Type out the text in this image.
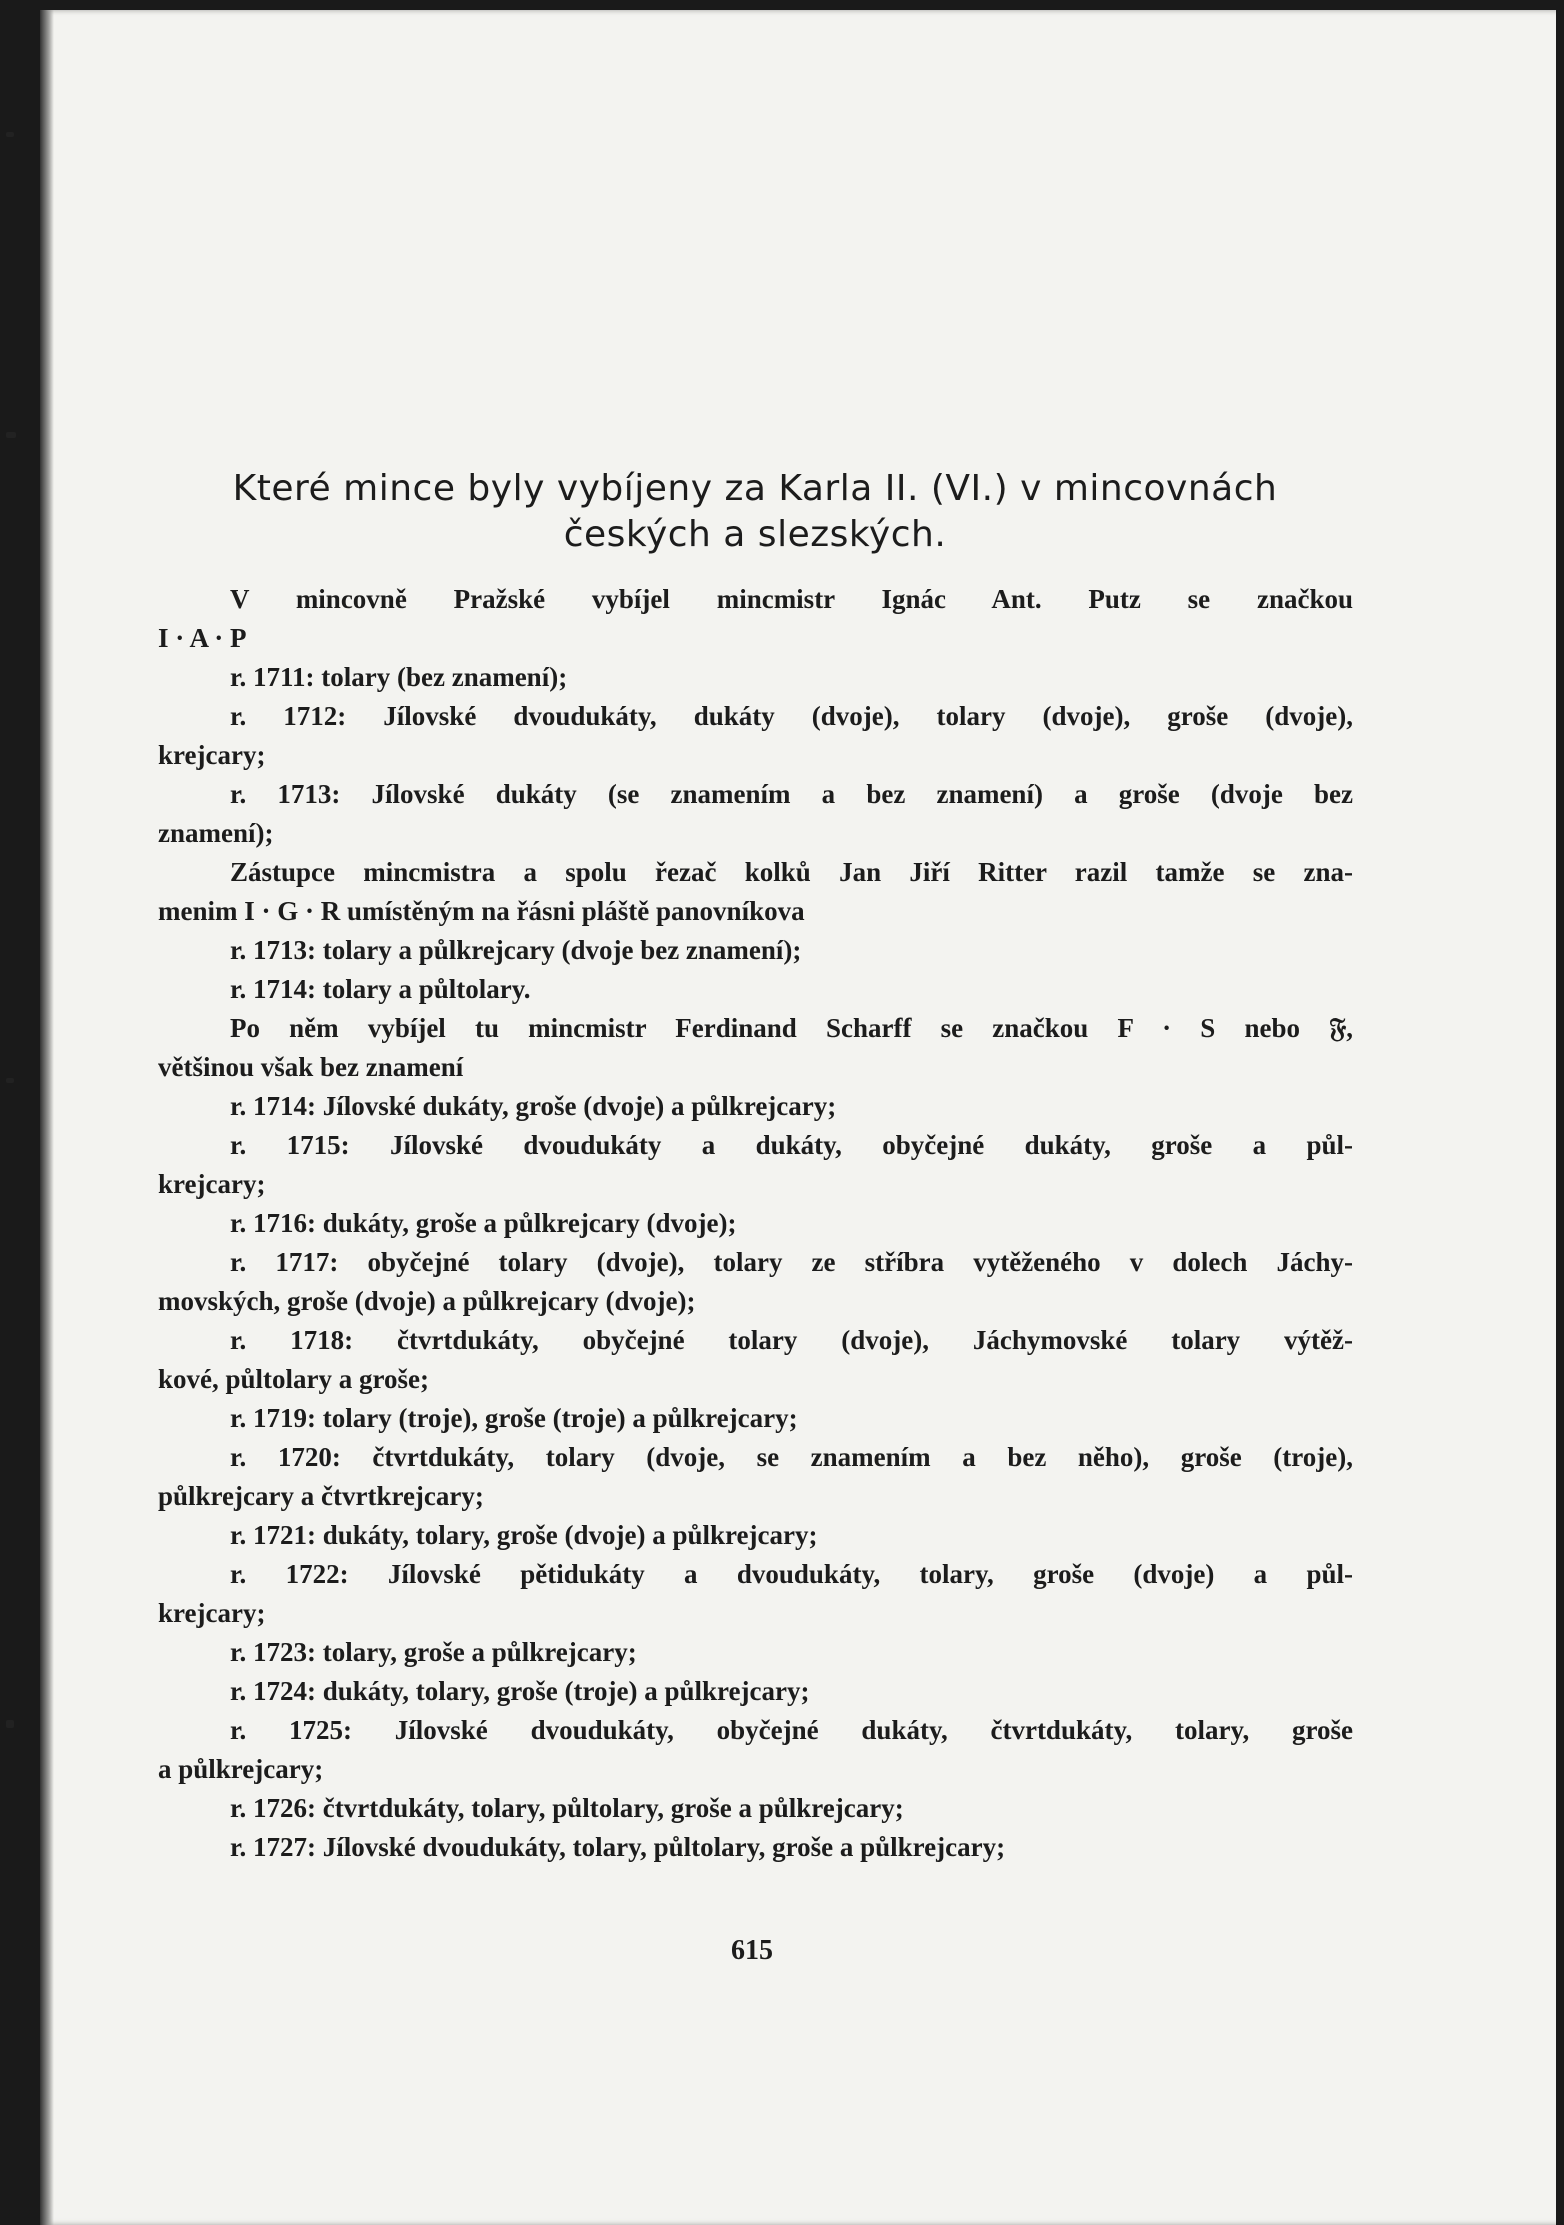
Které mince byly vybíjeny za Karla II. (VI.) v mincovnách
českých a slezských.
V mincovně Pražské vybíjel mincmistr Ignác Ant. Putz se značkou
I · A · P
r. 1711: tolary (bez znamení);
r. 1712: Jílovské dvoudukáty, dukáty (dvoje), tolary (dvoje), groše (dvoje),
krejcary;
r. 1713: Jílovské dukáty (se znamením a bez znamení) a groše (dvoje bez
znamení);
Zástupce mincmistra a spolu řezač kolků Jan Jiří Ritter razil tamže se zna-
menim I · G · R umístěným na řásni pláště panovníkova
r. 1713: tolary a půlkrejcary (dvoje bez znamení);
r. 1714: tolary a půltolary.
Po něm vybíjel tu mincmistr Ferdinand Scharff se značkou F · S nebo 𝔉,
většinou však bez znamení
r. 1714: Jílovské dukáty, groše (dvoje) a půlkrejcary;
r. 1715: Jílovské dvoudukáty a dukáty, obyčejné dukáty, groše a půl-
krejcary;
r. 1716: dukáty, groše a půlkrejcary (dvoje);
r. 1717: obyčejné tolary (dvoje), tolary ze stříbra vytěženého v dolech Jáchy-
movských, groše (dvoje) a půlkrejcary (dvoje);
r. 1718: čtvrtdukáty, obyčejné tolary (dvoje), Jáchymovské tolary výtěž-
kové, půltolary a groše;
r. 1719: tolary (troje), groše (troje) a půlkrejcary;
r. 1720: čtvrtdukáty, tolary (dvoje, se znamením a bez něho), groše (troje),
půlkrejcary a čtvrtkrejcary;
r. 1721: dukáty, tolary, groše (dvoje) a půlkrejcary;
r. 1722: Jílovské pětidukáty a dvoudukáty, tolary, groše (dvoje) a půl-
krejcary;
r. 1723: tolary, groše a půlkrejcary;
r. 1724: dukáty, tolary, groše (troje) a půlkrejcary;
r. 1725: Jílovské dvoudukáty, obyčejné dukáty, čtvrtdukáty, tolary, groše
a půlkrejcary;
r. 1726: čtvrtdukáty, tolary, půltolary, groše a půlkrejcary;
r. 1727: Jílovské dvoudukáty, tolary, půltolary, groše a půlkrejcary;
615
